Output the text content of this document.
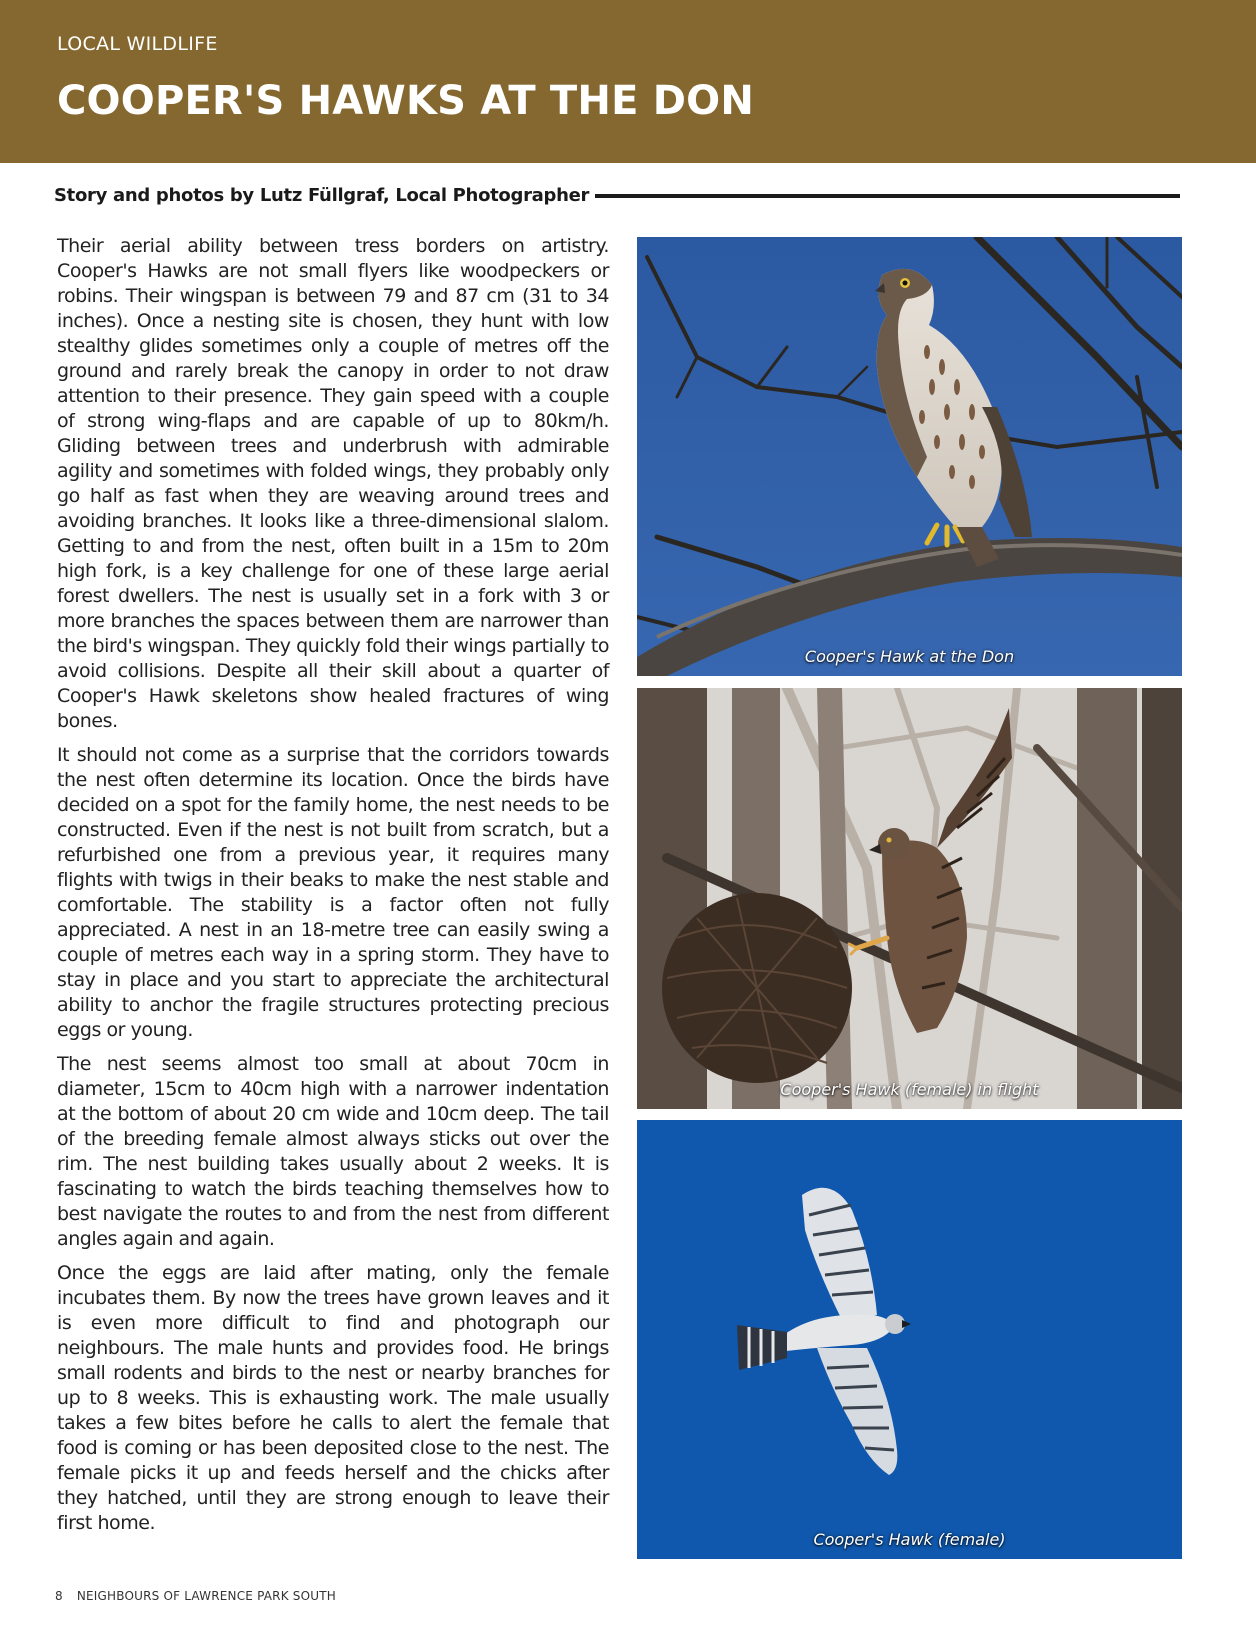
LOCAL WILDLIFE
COOPER'S HAWKS AT THE DON
Story and photos by Lutz Füllgraf, Local Photographer

Their aerial ability between tress borders on artistry. Cooper's Hawks are not small flyers like woodpeckers or robins. Their wingspan is between 79 and 87 cm (31 to 34 inches). Once a nesting site is chosen, they hunt with low stealthy glides sometimes only a couple of metres off the ground and rarely break the canopy in order to not draw attention to their presence. They gain speed with a couple of strong wing-flaps and are capable of up to 80km/h. Gliding between trees and underbrush with admirable agility and sometimes with folded wings, they probably only go half as fast when they are weaving around trees and avoiding branches. It looks like a three-dimensional slalom. Getting to and from the nest, often built in a 15m to 20m high fork, is a key challenge for one of these large aerial forest dwellers. The nest is usually set in a fork with 3 or more branches the spaces between them are narrower than the bird's wingspan. They quickly fold their wings partially to avoid collisions. Despite all their skill about a quarter of Cooper's Hawk skeletons show healed fractures of wing bones.

It should not come as a surprise that the corridors towards the nest often determine its location. Once the birds have decided on a spot for the family home, the nest needs to be constructed. Even if the nest is not built from scratch, but a refurbished one from a previous year, it requires many flights with twigs in their beaks to make the nest stable and comfortable. The stability is a factor often not fully appreciated. A nest in an 18-metre tree can easily swing a couple of metres each way in a spring storm. They have to stay in place and you start to appreciate the architectural ability to anchor the fragile structures protecting precious eggs or young.

The nest seems almost too small at about 70cm in diameter, 15cm to 40cm high with a narrower indentation at the bottom of about 20 cm wide and 10cm deep. The tail of the breeding female almost always sticks out over the rim. The nest building takes usually about 2 weeks. It is fascinating to watch the birds teaching themselves how to best navigate the routes to and from the nest from different angles again and again.

Once the eggs are laid after mating, only the female incubates them. By now the trees have grown leaves and it is even more difficult to find and photograph our neighbours. The male hunts and provides food. He brings small rodents and birds to the nest or nearby branches for up to 8 weeks. This is exhausting work. The male usually takes a few bites before he calls to alert the female that food is coming or has been deposited close to the nest. The female picks it up and feeds herself and the chicks after they hatched, until they are strong enough to leave their first home.

Cooper's Hawk at the Don
Cooper's Hawk (female) in flight
Cooper's Hawk (female)
8 NEIGHBOURS OF LAWRENCE PARK SOUTH
